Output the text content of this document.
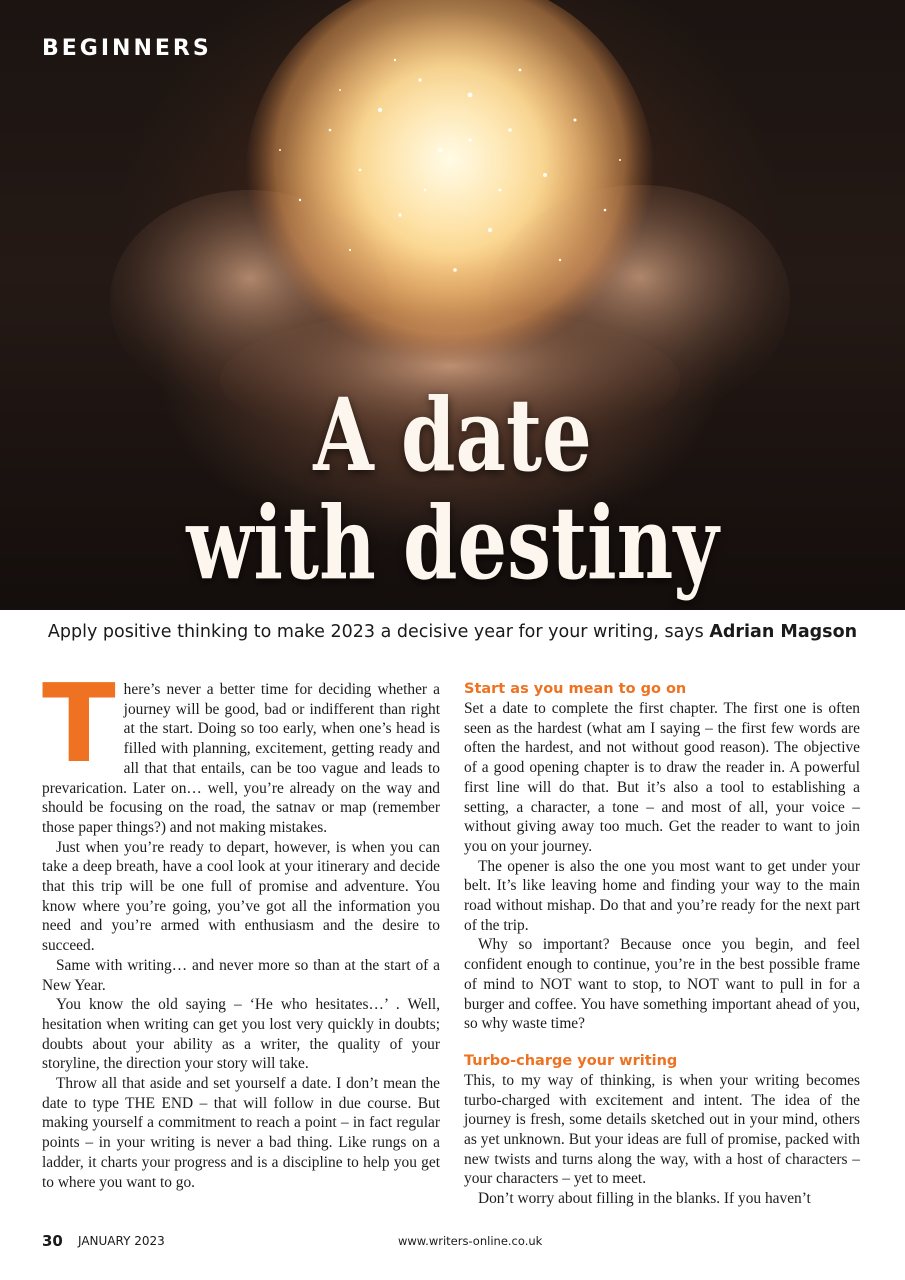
BEGINNERS
A date
with destiny
Apply positive thinking to make 2023 a decisive year for your writing, says Adrian Magson

There’s never a better time for deciding whether a journey will be good, bad or indifferent than right at the start. Doing so too early, when one’s head is filled with planning, excitement, getting ready and all that that entails, can be too vague and leads to prevarication. Later on… well, you’re already on the way and should be focusing on the road, the satnav or map (remember those paper things?) and not making mistakes.

Just when you’re ready to depart, however, is when you can take a deep breath, have a cool look at your itinerary and decide that this trip will be one full of promise and adventure. You know where you’re going, you’ve got all the information you need and you’re armed with enthusiasm and the desire to succeed.

Same with writing… and never more so than at the start of a New Year.

You know the old saying – ‘He who hesitates…’ . Well, hesitation when writing can get you lost very quickly in doubts; doubts about your ability as a writer, the quality of your storyline, the direction your story will take.

Throw all that aside and set yourself a date. I don’t mean the date to type THE END – that will follow in due course. But making yourself a commitment to reach a point – in fact regular points – in your writing is never a bad thing. Like rungs on a ladder, it charts your progress and is a discipline to help you get to where you want to go.

Start as you mean to go on

Set a date to complete the first chapter. The first one is often seen as the hardest (what am I saying – the first few words are often the hardest, and not without good reason). The objective of a good opening chapter is to draw the reader in. A powerful first line will do that. But it’s also a tool to establishing a setting, a character, a tone – and most of all, your voice – without giving away too much. Get the reader to want to join you on your journey.

The opener is also the one you most want to get under your belt. It’s like leaving home and finding your way to the main road without mishap. Do that and you’re ready for the next part of the trip.

Why so important? Because once you begin, and feel confident enough to continue, you’re in the best possible frame of mind to NOT want to stop, to NOT want to pull in for a burger and coffee. You have something important ahead of you, so why waste time?

Turbo-charge your writing

This, to my way of thinking, is when your writing becomes turbo-charged with excitement and intent. The idea of the journey is fresh, some details sketched out in your mind, others as yet unknown. But your ideas are full of promise, packed with new twists and turns along the way, with a host of characters – your characters – yet to meet.

Don’t worry about filling in the blanks. If you haven’t

30 JANUARY 2023	www.writers-online.co.uk
